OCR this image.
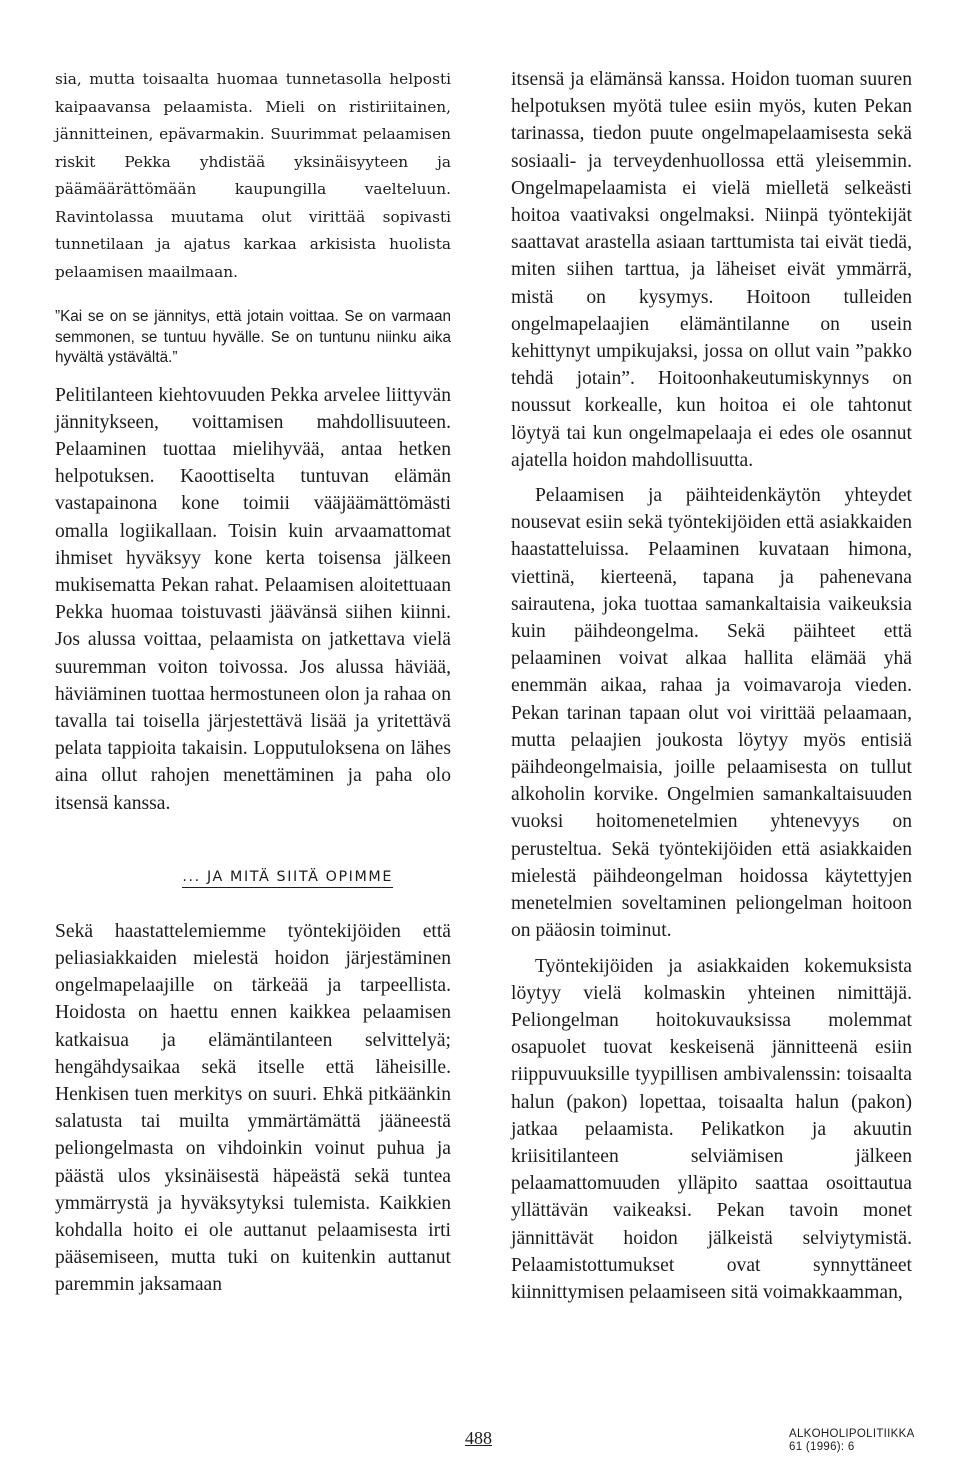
sia, mutta toisaalta huomaa tunnetasolla helposti kaipaavansa pelaamista. Mieli on ristiriitainen, jännitteinen, epävarmakin. Suurimmat pelaamisen riskit Pekka yhdistää yksinäisyyteen ja päämäärättömään kaupungilla vaelteluun. Ravintolassa muutama olut virittää sopivasti tunnetilaan ja ajatus karkaa arkisista huolista pelaamisen maailmaan.

”Kai se on se jännitys, että jotain voittaa. Se on varmaan semmonen, se tuntuu hyvälle. Se on tuntunu niinku aika hyvältä ystävältä.”

Pelitilanteen kiehtovuuden Pekka arvelee liittyvän jännitykseen, voittamisen mahdollisuuteen. Pelaaminen tuottaa mielihyvää, antaa hetken helpotuksen. Kaoottiselta tuntuvan elämän vastapainona kone toimii vääjäämättömästi omalla logiikallaan. Toisin kuin arvaamattomat ihmiset hyväksyy kone kerta toisensa jälkeen mukisematta Pekan rahat. Pelaamisen aloitettuaan Pekka huomaa toistuvasti jäävänsä siihen kiinni. Jos alussa voittaa, pelaamista on jatkettava vielä suuremman voiton toivossa. Jos alussa häviää, häviäminen tuottaa hermostuneen olon ja rahaa on tavalla tai toisella järjestettävä lisää ja yritettävä pelata tappioita takaisin. Lopputuloksena on lähes aina ollut rahojen menettäminen ja paha olo itsensä kanssa.

... JA MITÄ SIITÄ OPIMME

Sekä haastattelemiemme työntekijöiden että peliasiakkaiden mielestä hoidon järjestäminen ongelmapelaajille on tärkeää ja tarpeellista. Hoidosta on haettu ennen kaikkea pelaamisen katkaisua ja elämäntilanteen selvittelyä; hengähdysaikaa sekä itselle että läheisille. Henkisen tuen merkitys on suuri. Ehkä pitkäänkin salatusta tai muilta ymmärtämättä jääneestä peliongelmasta on vihdoinkin voinut puhua ja päästä ulos yksinäisestä häpeästä sekä tuntea ymmärrystä ja hyväksytyksi tulemista. Kaikkien kohdalla hoito ei ole auttanut pelaamisesta irti pääsemiseen, mutta tuki on kuitenkin auttanut paremmin jaksamaan

itsensä ja elämänsä kanssa. Hoidon tuoman suuren helpotuksen myötä tulee esiin myös, kuten Pekan tarinassa, tiedon puute ongelmapelaamisesta sekä sosiaali- ja terveydenhuollossa että yleisemmin. Ongelmapelaamista ei vielä mielletä selkeästi hoitoa vaativaksi ongelmaksi. Niinpä työntekijät saattavat arastella asiaan tarttumista tai eivät tiedä, miten siihen tarttua, ja läheiset eivät ymmärrä, mistä on kysymys. Hoitoon tulleiden ongelmapelaajien elämäntilanne on usein kehittynyt umpikujaksi, jossa on ollut vain ”pakko tehdä jotain”. Hoitoonhakeutumiskynnys on noussut korkealle, kun hoitoa ei ole tahtonut löytyä tai kun ongelmapelaaja ei edes ole osannut ajatella hoidon mahdollisuutta.

Pelaamisen ja päihteidenkäytön yhteydet nousevat esiin sekä työntekijöiden että asiakkaiden haastatteluissa. Pelaaminen kuvataan himona, viettinä, kierteenä, tapana ja pahenevana sairautena, joka tuottaa samankaltaisia vaikeuksia kuin päihdeongelma. Sekä päihteet että pelaaminen voivat alkaa hallita elämää yhä enemmän aikaa, rahaa ja voimavaroja vieden. Pekan tarinan tapaan olut voi virittää pelaamaan, mutta pelaajien joukosta löytyy myös entisiä päihdeongelmaisia, joille pelaamisesta on tullut alkoholin korvike. Ongelmien samankaltaisuuden vuoksi hoitomenetelmien yhtenevyys on perusteltua. Sekä työntekijöiden että asiakkaiden mielestä päihdeongelman hoidossa käytettyjen menetelmien soveltaminen peliongelman hoitoon on pääosin toiminut.

Työntekijöiden ja asiakkaiden kokemuksista löytyy vielä kolmaskin yhteinen nimittäjä. Peliongelman hoitokuvauksissa molemmat osapuolet tuovat keskeisenä jännitteenä esiin riippuvuuksille tyypillisen ambivalenssin: toisaalta halun (pakon) lopettaa, toisaalta halun (pakon) jatkaa pelaamista. Pelikatkon ja akuutin kriisitilanteen selviämisen jälkeen pelaamattomuuden ylläpito saattaa osoittautua yllättävän vaikeaksi. Pekan tavoin monet jännittävät hoidon jälkeistä selviytymistä. Pelaamistottumukset ovat synnyttäneet kiinnittymisen pelaamiseen sitä voimakkaamman,

488	ALKOHOLIPOLITIIKKA
61 (1996): 6
